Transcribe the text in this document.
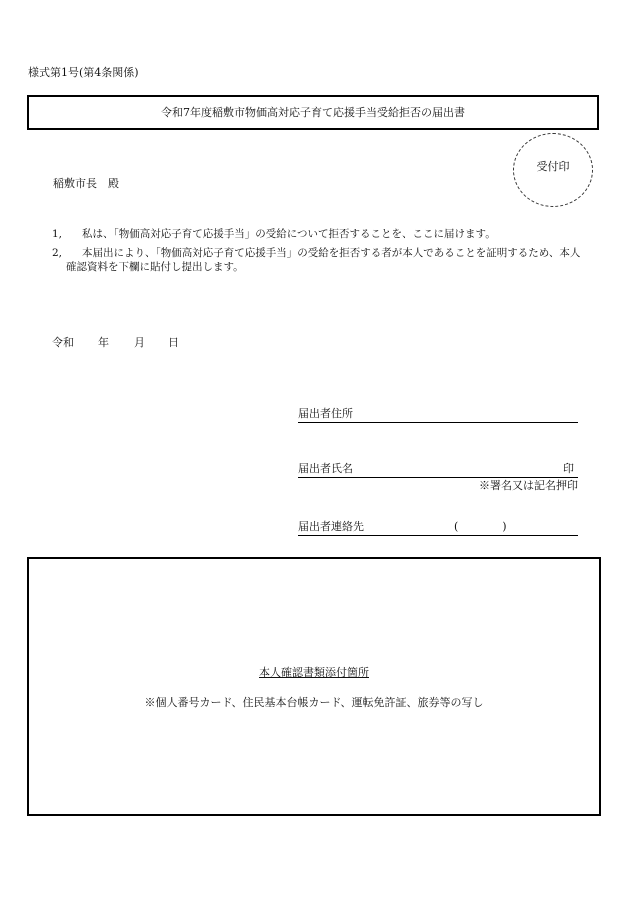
様式第1号(第4条関係)
令和7年度稲敷市物価高対応子育て応援手当受給拒否の届出書
受付印
稲敷市長　殿
1,	私は、「物価高対応子育て応援手当」の受給について拒否することを、ここに届けます。
2,	本届出により、「物価高対応子育て応援手当」の受給を拒否する者が本人であることを証明するため、本人確認資料を下欄に貼付し提出します。
令和	年	月	日
届出者住所
届出者氏名	印
※署名又は記名押印
届出者連絡先	(　　　　)
本人確認書類添付箇所
※個人番号カード、住民基本台帳カード、運転免許証、旅券等の写し
